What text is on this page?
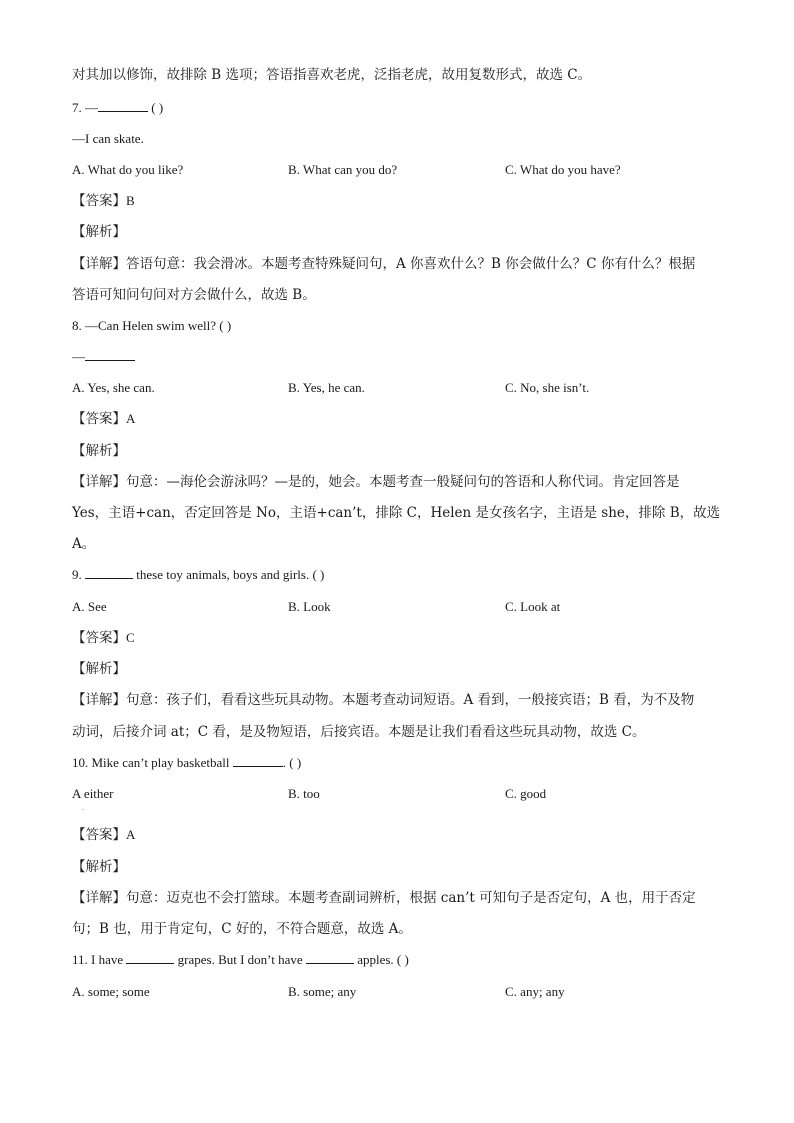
对其加以修饰，故排除 B 选项；答语指喜欢老虎，泛指老虎，故用复数形式，故选 C。
7. —	( )
—I can skate.
A. What do you like?	B. What can you do?	C. What do you have?
【答案】B
【解析】
【详解】答语句意：我会滑冰。本题考查特殊疑问句，A 你喜欢什么？B 你会做什么？C 你有什么？根据
答语可知问句问对方会做什么，故选 B。
8. —Can Helen swim well? ( )
—
A. Yes, she can.	B. Yes, he can.	C. No, she isn’t.
【答案】A
【解析】
【详解】句意：—海伦会游泳吗？—是的，她会。本题考查一般疑问句的答语和人称代词。肯定回答是
Yes，主语+can，否定回答是 No，主语+can’t，排除 C，Helen 是女孩名字，主语是 she，排除 B，故选
A。
9.	these toy animals, boys and girls. ( )
A. See	B. Look	C. Look at
【答案】C
【解析】
【详解】句意：孩子们，看看这些玩具动物。本题考查动词短语。A 看到，一般接宾语；B 看，为不及物
动词，后接介词 at；C 看，是及物短语，后接宾语。本题是让我们看看这些玩具动物，故选 C。
10. Mike can’t play basketball	. ( )
A either	B. too	C. good
.
【答案】A
【解析】
【详解】句意：迈克也不会打篮球。本题考查副词辨析，根据 can’t 可知句子是否定句，A 也，用于否定
句；B 也，用于肯定句，C 好的，不符合题意，故选 A。
11. I have	grapes. But I don’t have	apples. ( )
A. some; some	B. some; any	C. any; any
